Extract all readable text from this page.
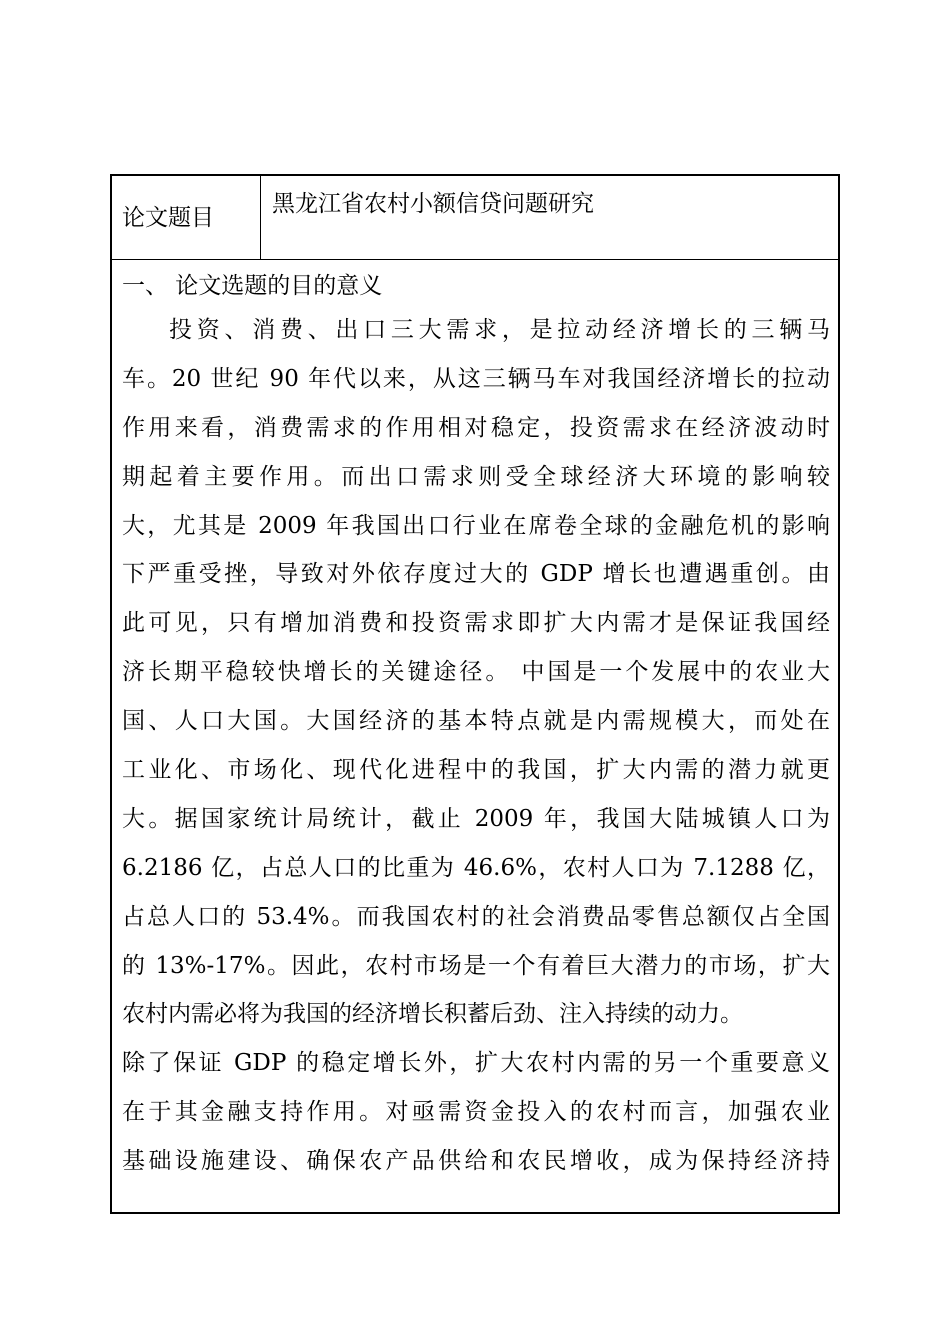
论文题目
黑龙江省农村小额信贷问题研究
一、 论文选题的目的意义
投资、消费、出口三大需求，是拉动经济增长的三辆马
车。20 世纪 90 年代以来，从这三辆马车对我国经济增长的拉动
作用来看，消费需求的作用相对稳定，投资需求在经济波动时
期起着主要作用。而出口需求则受全球经济大环境的影响较
大，尤其是 2009 年我国出口行业在席卷全球的金融危机的影响
下严重受挫，导致对外依存度过大的 GDP 增长也遭遇重创。由
此可见，只有增加消费和投资需求即扩大内需才是保证我国经
济长期平稳较快增长的关键途径。 中国是一个发展中的农业大
国、人口大国。大国经济的基本特点就是内需规模大，而处在
工业化、市场化、现代化进程中的我国，扩大内需的潜力就更
大。据国家统计局统计，截止 2009 年，我国大陆城镇人口为
6.2186 亿，占总人口的比重为 46.6%，农村人口为 7.1288 亿，
占总人口的 53.4%。而我国农村的社会消费品零售总额仅占全国
的 13%-17%。因此，农村市场是一个有着巨大潜力的市场，扩大
农村内需必将为我国的经济增长积蓄后劲、注入持续的动力。
除了保证 GDP 的稳定增长外，扩大农村内需的另一个重要意义
在于其金融支持作用。对亟需资金投入的农村而言，加强农业
基础设施建设、确保农产品供给和农民增收，成为保持经济持
